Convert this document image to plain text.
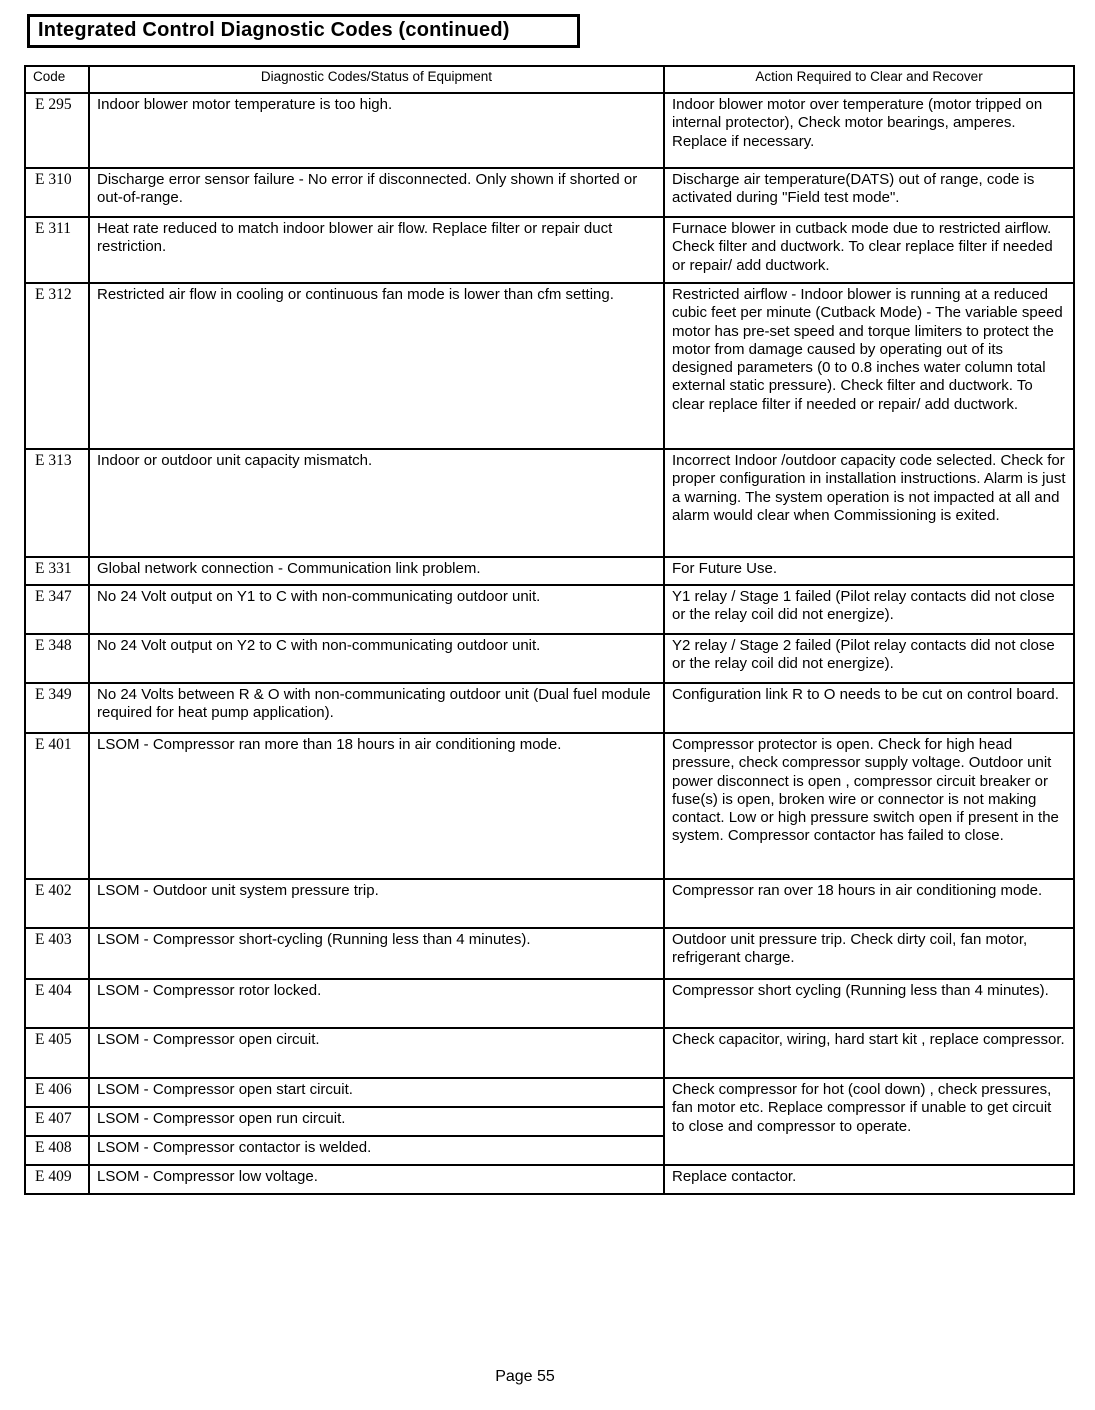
Integrated Control Diagnostic Codes (continued)
Code	Diagnostic Codes/Status of Equipment	Action Required to Clear and Recover
E 295	Indoor blower motor temperature is too high.	Indoor blower motor over temperature (motor tripped on internal protector), Check motor bearings, amperes. Replace if necessary.
E 310	Discharge error sensor failure - No error if disconnected. Only shown if shorted or out-of-range.	Discharge air temperature(DATS) out of range, code is activated during "Field test mode".
E 311	Heat rate reduced to match indoor blower air flow. Replace filter or repair duct restriction.	Furnace blower in cutback mode due to restricted airflow. Check filter and ductwork. To clear replace filter if needed or repair/ add ductwork.
E 312	Restricted air flow in cooling or continuous fan mode is lower than cfm setting.	Restricted airflow - Indoor blower is running at a reduced cubic feet per minute (Cutback Mode) - The variable speed motor has pre-set speed and torque limiters to protect the motor from damage caused by operating out of its designed parameters (0 to 0.8 inches water column total external static pressure). Check filter and ductwork. To clear replace filter if needed or repair/ add ductwork.
E 313	Indoor or outdoor unit capacity mismatch.	Incorrect Indoor /outdoor capacity code selected. Check for proper configuration in installation instructions. Alarm is just a warning. The system operation is not impacted at all and alarm would clear when Commissioning is exited.
E 331	Global network connection - Communication link problem.	For Future Use.
E 347	No 24 Volt output on Y1 to C with non-communicating outdoor unit.	Y1 relay / Stage 1 failed (Pilot relay contacts did not close or the relay coil did not energize).
E 348	No 24 Volt output on Y2 to C with non-communicating outdoor unit.	Y2 relay / Stage 2 failed (Pilot relay contacts did not close or the relay coil did not energize).
E 349	No 24 Volts between R & O with non-communicating outdoor unit (Dual fuel module required for heat pump application).	Configuration link R to O needs to be cut on control board.
E 401	LSOM - Compressor ran more than 18 hours in air conditioning mode.	Compressor protector is open. Check for high head pressure, check compressor supply voltage. Outdoor unit power disconnect is open , compressor circuit breaker or fuse(s) is open, broken wire or connector is not making contact. Low or high pressure switch open if present in the system. Compressor contactor has failed to close.
E 402	LSOM - Outdoor unit system pressure trip.	Compressor ran over 18 hours in air conditioning mode.
E 403	LSOM - Compressor short-cycling (Running less than 4 minutes).	Outdoor unit pressure trip. Check dirty coil, fan motor, refrigerant charge.
E 404	LSOM - Compressor rotor locked.	Compressor short cycling (Running less than 4 minutes).
E 405	LSOM - Compressor open circuit.	Check capacitor, wiring, hard start kit , replace compressor.
E 406	LSOM - Compressor open start circuit.	Check compressor for hot (cool down) , check pressures, fan motor etc. Replace compressor if unable to get circuit to close and compressor to operate.
E 407	LSOM - Compressor open run circuit.	
E 408	LSOM - Compressor contactor is welded.	
E 409	LSOM - Compressor low voltage.	Replace contactor.
Page 55
